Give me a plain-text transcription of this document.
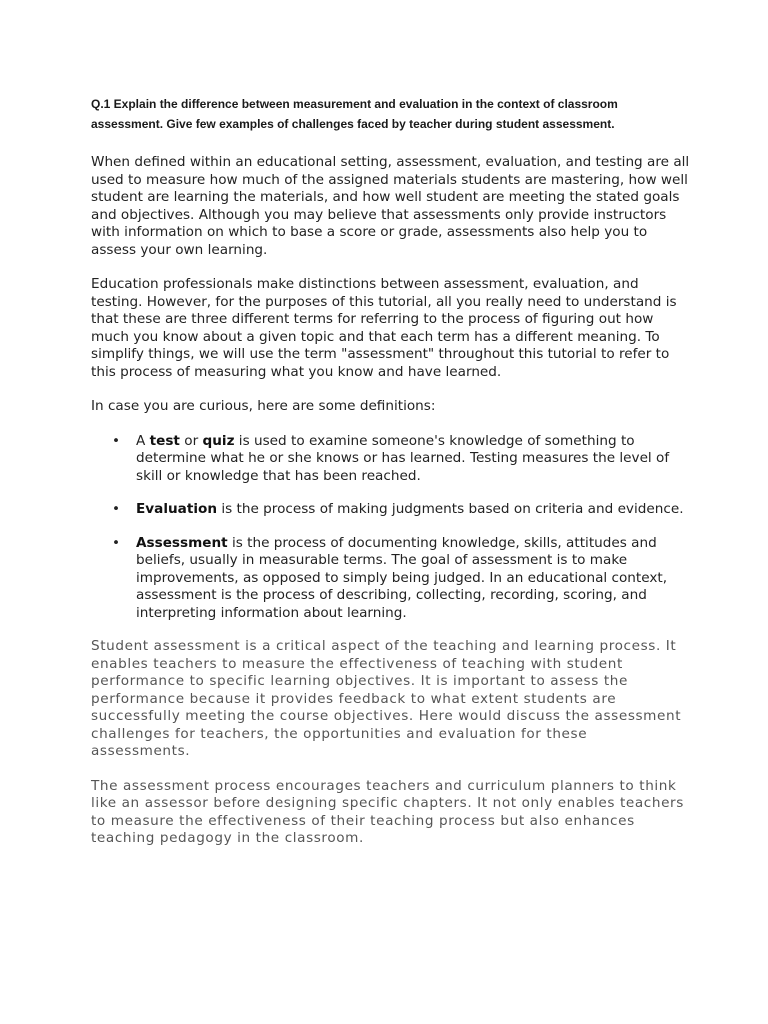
Q.1 Explain the difference between measurement and evaluation in the context of classroom assessment. Give few examples of challenges faced by teacher during student assessment.

When defined within an educational setting, assessment, evaluation, and testing are all used to measure how much of the assigned materials students are mastering, how well student are learning the materials, and how well student are meeting the stated goals and objectives. Although you may believe that assessments only provide instructors with information on which to base a score or grade, assessments also help you to assess your own learning.

Education professionals make distinctions between assessment, evaluation, and testing. However, for the purposes of this tutorial, all you really need to understand is that these are three different terms for referring to the process of figuring out how much you know about a given topic and that each term has a different meaning. To simplify things, we will use the term "assessment" throughout this tutorial to refer to this process of measuring what you know and have learned.

In case you are curious, here are some definitions:

• A test or quiz is used to examine someone's knowledge of something to determine what he or she knows or has learned. Testing measures the level of skill or knowledge that has been reached.
• Evaluation is the process of making judgments based on criteria and evidence.
• Assessment is the process of documenting knowledge, skills, attitudes and beliefs, usually in measurable terms. The goal of assessment is to make improvements, as opposed to simply being judged. In an educational context, assessment is the process of describing, collecting, recording, scoring, and interpreting information about learning.

Student assessment is a critical aspect of the teaching and learning process. It enables teachers to measure the effectiveness of teaching with student performance to specific learning objectives. It is important to assess the performance because it provides feedback to what extent students are successfully meeting the course objectives. Here would discuss the assessment challenges for teachers, the opportunities and evaluation for these assessments.

The assessment process encourages teachers and curriculum planners to think like an assessor before designing specific chapters. It not only enables teachers to measure the effectiveness of their teaching process but also enhances teaching pedagogy in the classroom.
